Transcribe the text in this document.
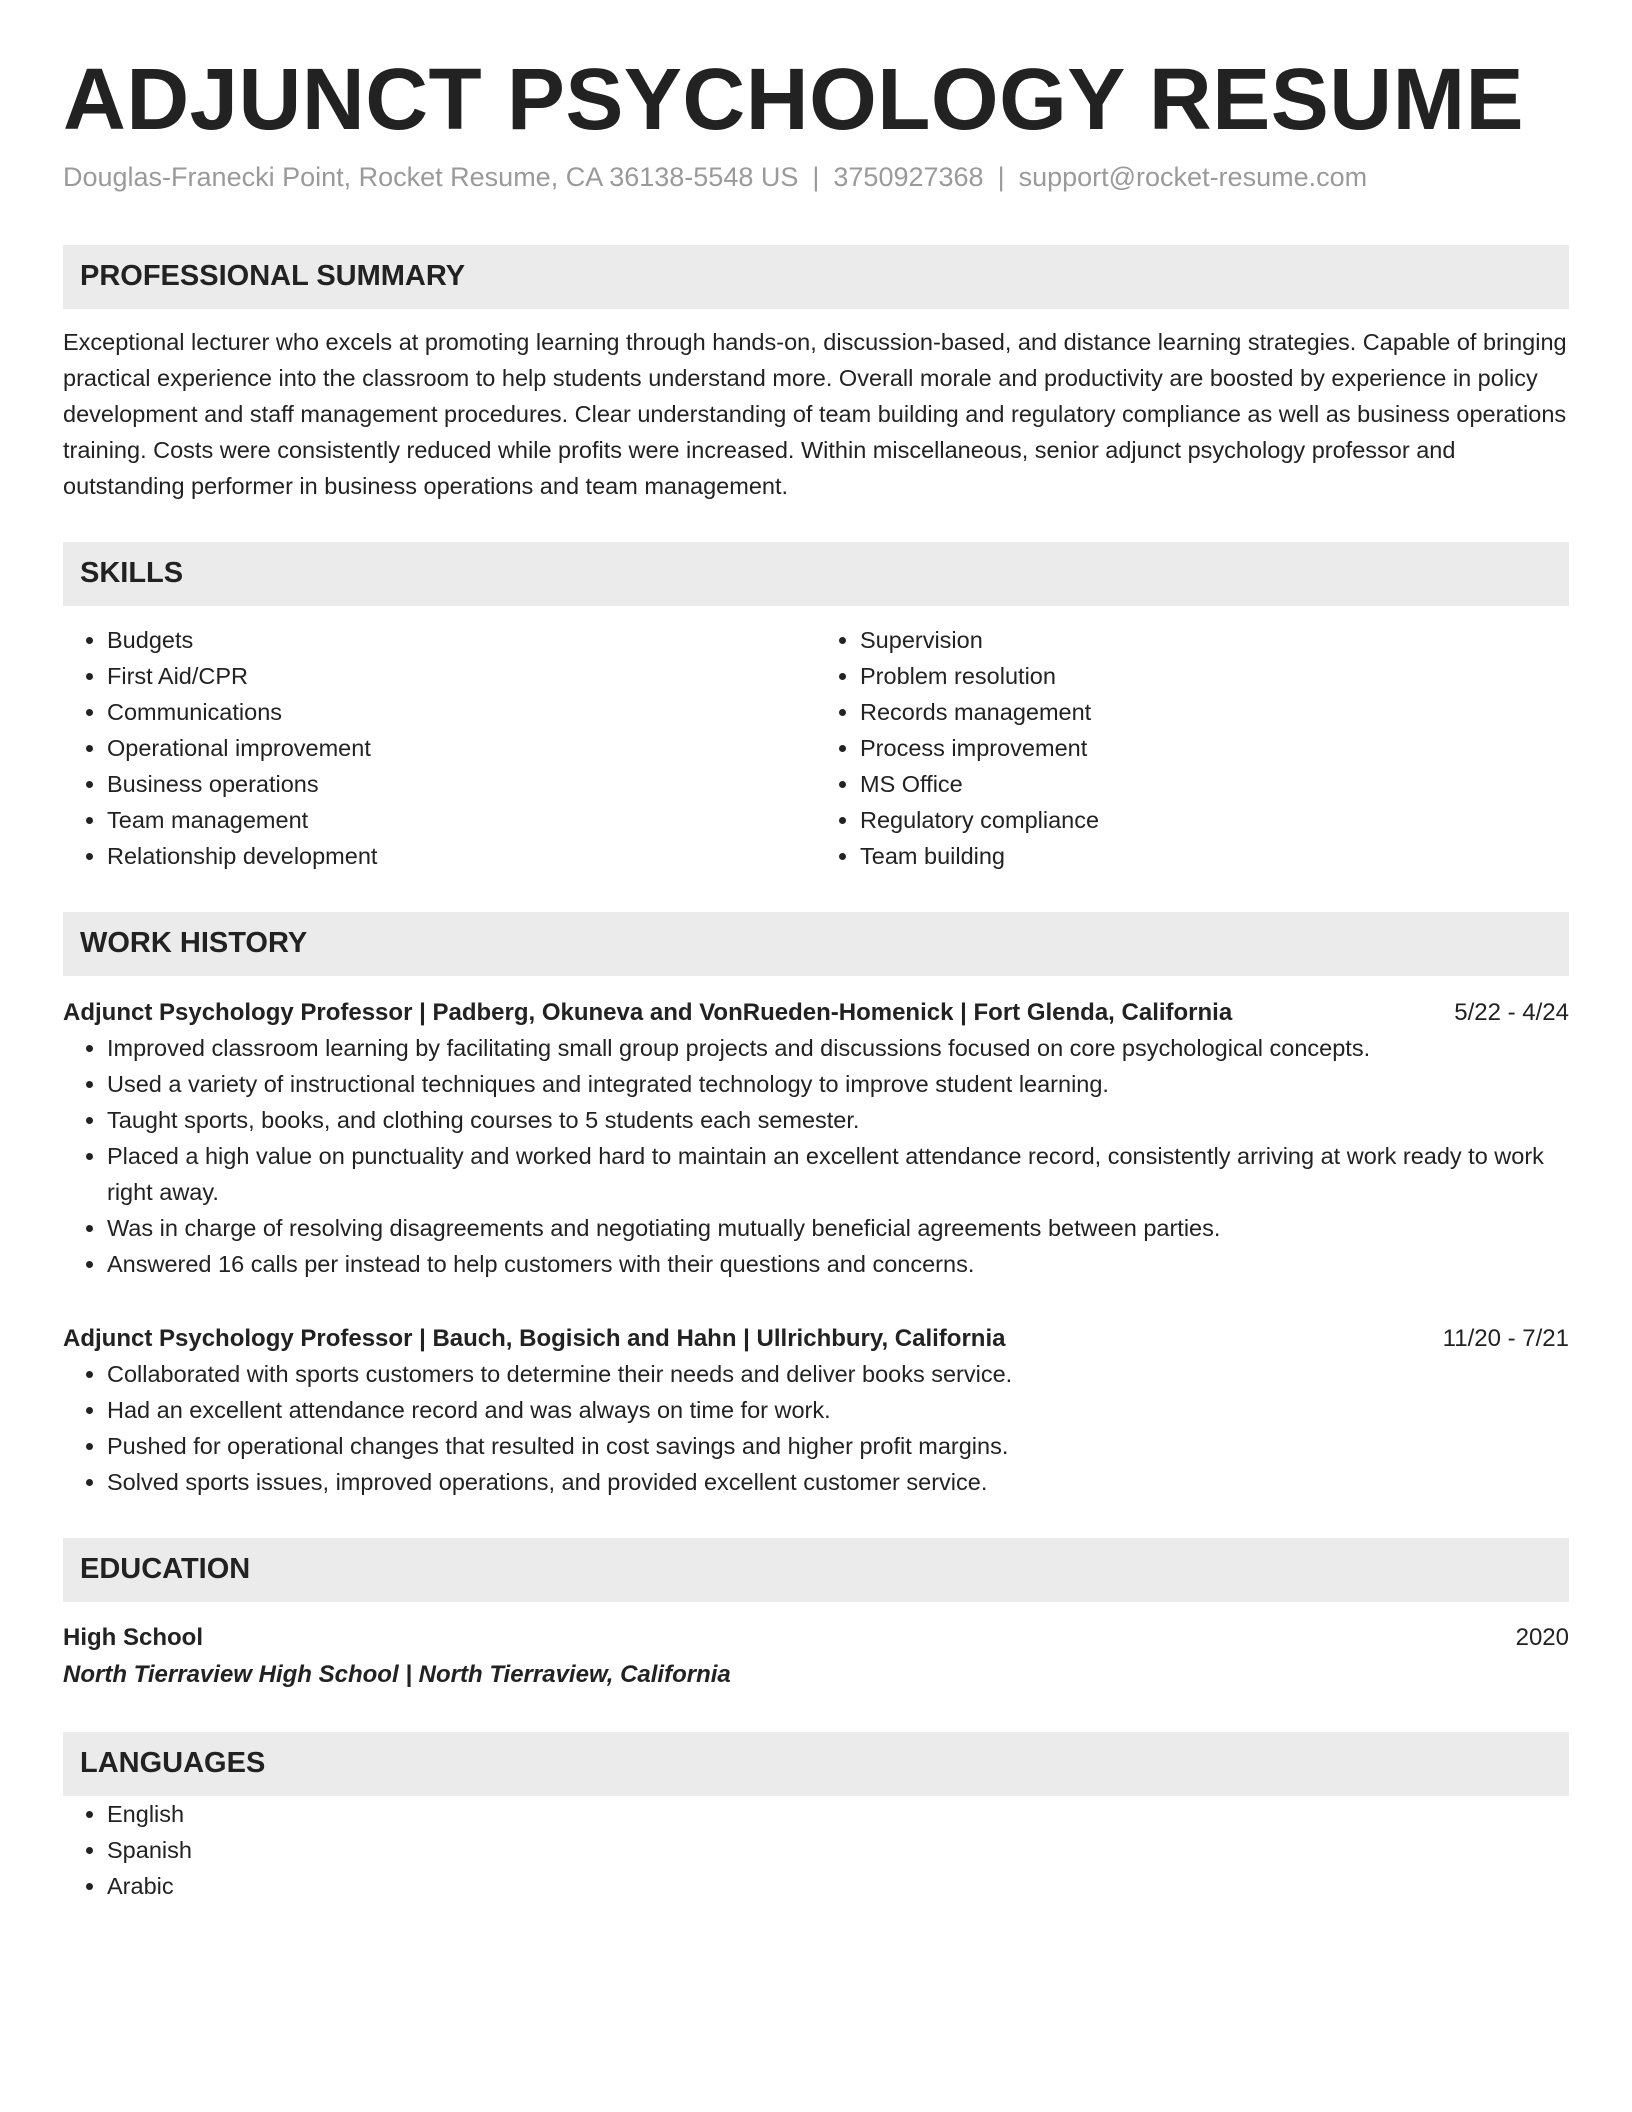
ADJUNCT PSYCHOLOGY RESUME
Douglas-Franecki Point, Rocket Resume, CA 36138-5548 US | 3750927368 | support@rocket-resume.com
PROFESSIONAL SUMMARY
Exceptional lecturer who excels at promoting learning through hands-on, discussion-based, and distance learning strategies. Capable of bringing practical experience into the classroom to help students understand more. Overall morale and productivity are boosted by experience in policy development and staff management procedures. Clear understanding of team building and regulatory compliance as well as business operations training. Costs were consistently reduced while profits were increased. Within miscellaneous, senior adjunct psychology professor and outstanding performer in business operations and team management.
SKILLS
• Budgets
• First Aid/CPR
• Communications
• Operational improvement
• Business operations
• Team management
• Relationship development
• Supervision
• Problem resolution
• Records management
• Process improvement
• MS Office
• Regulatory compliance
• Team building
WORK HISTORY
Adjunct Psychology Professor | Padberg, Okuneva and VonRueden-Homenick | Fort Glenda, California	5/22 - 4/24
• Improved classroom learning by facilitating small group projects and discussions focused on core psychological concepts.
• Used a variety of instructional techniques and integrated technology to improve student learning.
• Taught sports, books, and clothing courses to 5 students each semester.
• Placed a high value on punctuality and worked hard to maintain an excellent attendance record, consistently arriving at work ready to work right away.
• Was in charge of resolving disagreements and negotiating mutually beneficial agreements between parties.
• Answered 16 calls per instead to help customers with their questions and concerns.
Adjunct Psychology Professor | Bauch, Bogisich and Hahn | Ullrichbury, California	11/20 - 7/21
• Collaborated with sports customers to determine their needs and deliver books service.
• Had an excellent attendance record and was always on time for work.
• Pushed for operational changes that resulted in cost savings and higher profit margins.
• Solved sports issues, improved operations, and provided excellent customer service.
EDUCATION
High School	2020
North Tierraview High School | North Tierraview, California
LANGUAGES
• English
• Spanish
• Arabic
